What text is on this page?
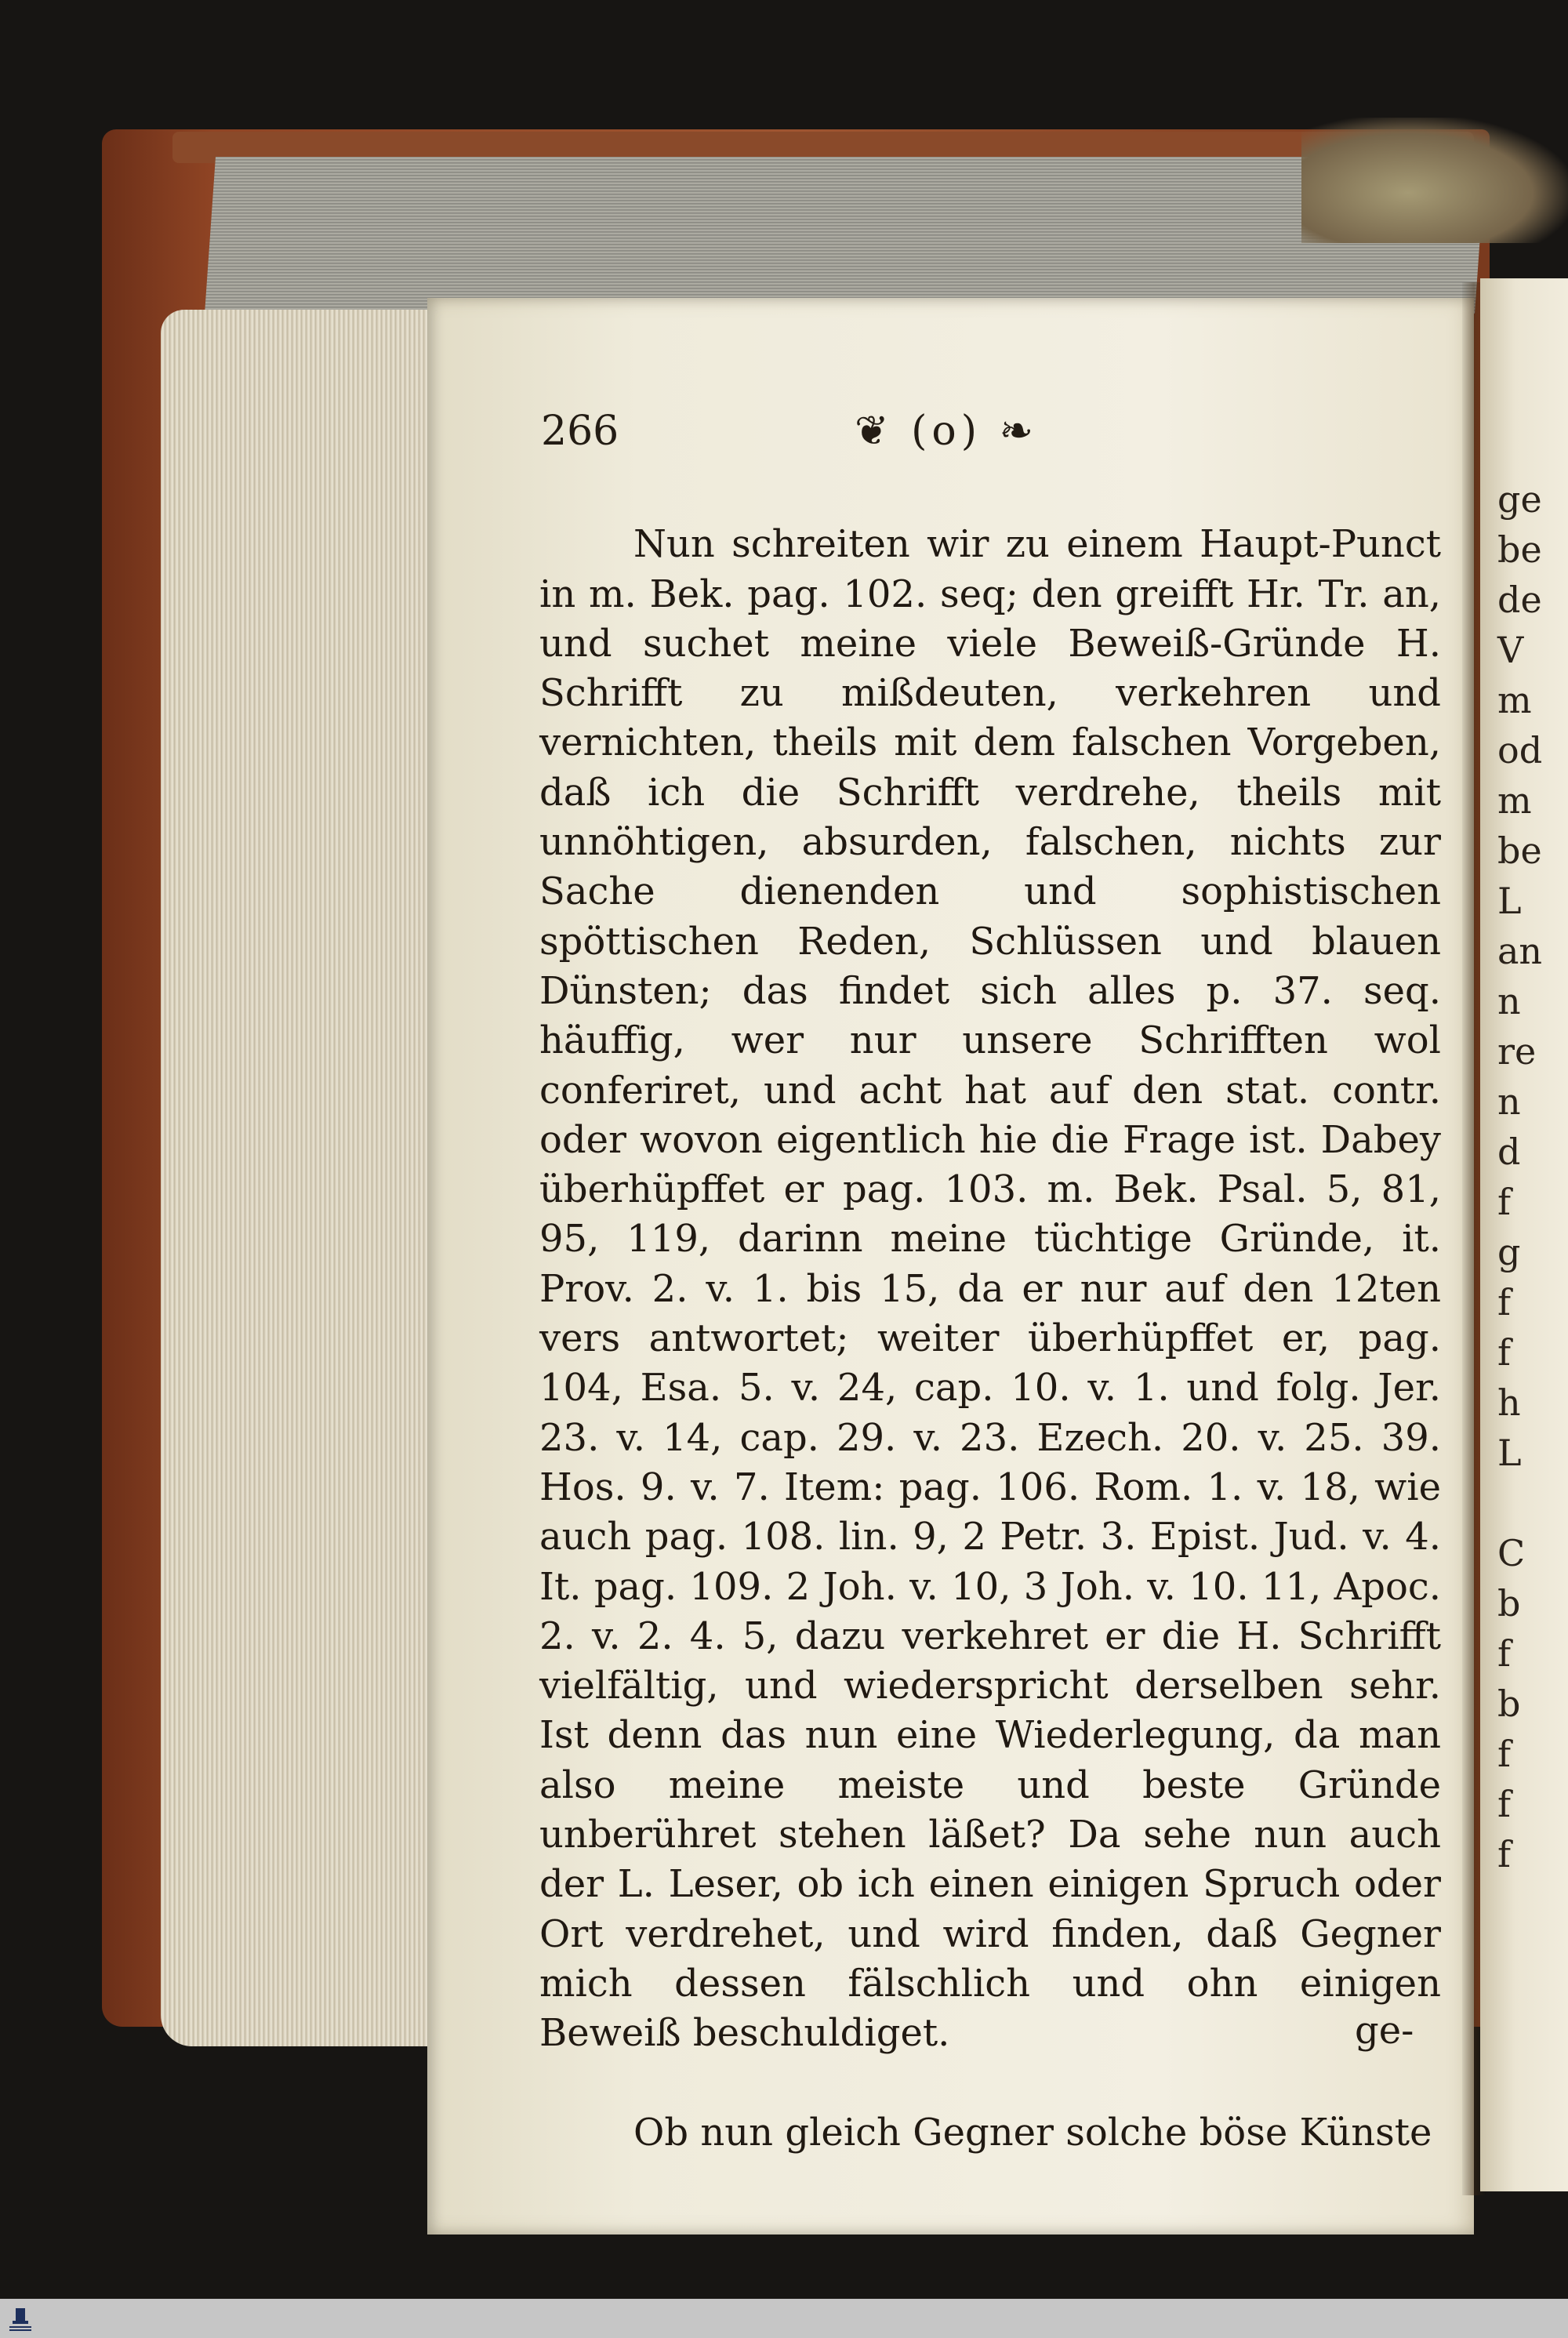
ge
be
de
V
m
od
m
be
L
an
n
re
n
d
f
g
f
f
h
L

C
b
f
b
f
f
f
266	❦ (o) ❧

Nun schreiten wir zu einem Haupt-Punct in m. Bek. pag. 102. seq; den greifft Hr. Tr. an, und suchet meine viele Beweiß-Gründe H. Schrifft zu mißdeuten, verkehren und vernichten, theils mit dem falschen Vorgeben, daß ich die Schrifft verdrehe, theils mit unnöhtigen, absurden, falschen, nichts zur Sache dienenden und sophistischen spöttischen Reden, Schlüssen und blauen Dünsten; das findet sich alles p. 37. seq. häuffig, wer nur unsere Schrifften wol conferiret, und acht hat auf den stat. contr. oder wovon eigentlich hie die Frage ist. Dabey überhüpffet er pag. 103. m. Bek. Psal. 5, 81, 95, 119, darinn meine tüchtige Gründe, it. Prov. 2. v. 1. bis 15, da er nur auf den 12ten vers antwortet; weiter überhüpffet er, pag. 104, Esa. 5. v. 24, cap. 10. v. 1. und folg. Jer. 23. v. 14, cap. 29. v. 23. Ezech. 20. v. 25. 39. Hos. 9. v. 7. Item: pag. 106. Rom. 1. v. 18, wie auch pag. 108. lin. 9, 2 Petr. 3. Epist. Jud. v. 4. It. pag. 109. 2 Joh. v. 10, 3 Joh. v. 10. 11, Apoc. 2. v. 2. 4. 5, dazu verkehret er die H. Schrifft vielfältig, und wiederspricht derselben sehr. Ist denn das nun eine Wiederlegung, da man also meine meiste und beste Gründe unberühret stehen läßet? Da sehe nun auch der L. Leser, ob ich einen einigen Spruch oder Ort verdrehet, und wird finden, daß Gegner mich dessen fälschlich und ohn einigen Beweiß beschuldiget.

Ob nun gleich Gegner solche böse Künste

ge-
